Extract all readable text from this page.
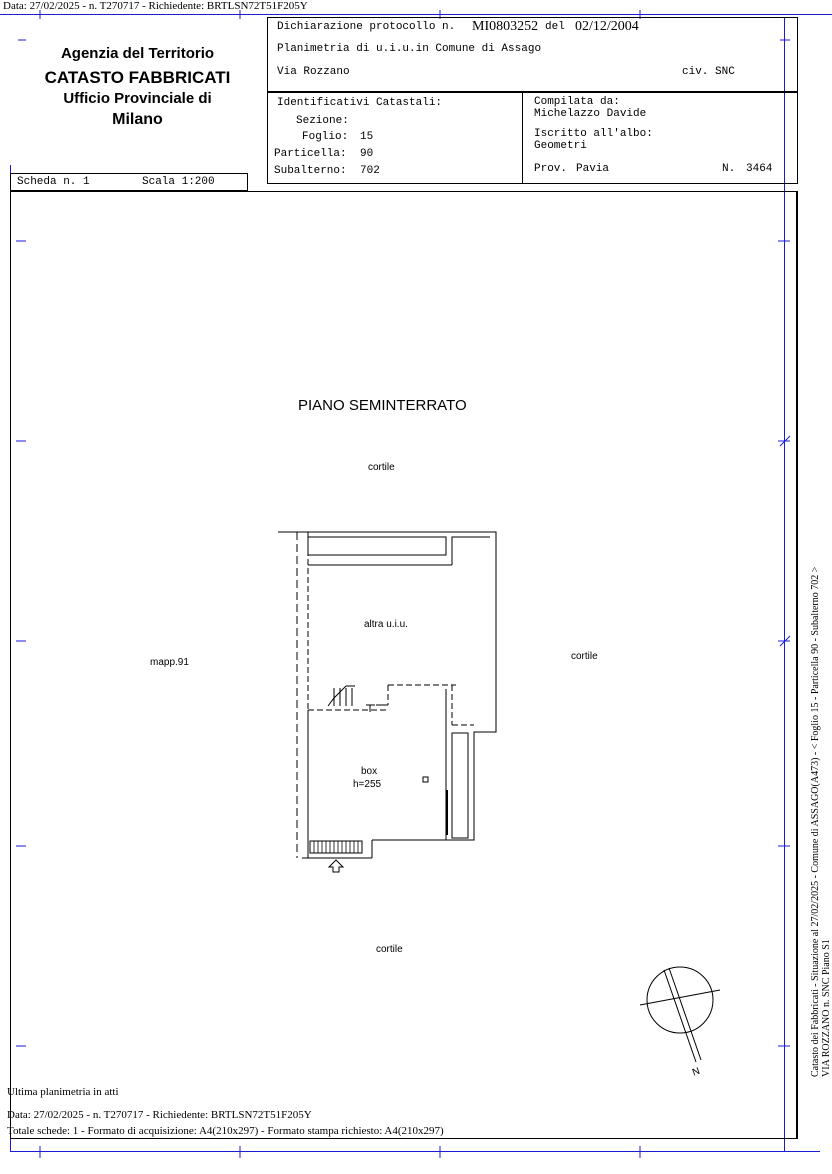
Data: 27/02/2025 - n. T270717 - Richiedente: BRTLSN72T51F205Y
Agenzia del Territorio
CATASTO FABBRICATI
Ufficio Provinciale di
Milano
Dichiarazione protocollo n. MI0803252 del 02/12/2004
Planimetria di u.i.u.in Comune di Assago
Via Rozzano	civ. SNC
Identificativi Catastali:
Sezione:
Foglio: 15
Particella: 90
Subalterno: 702
Compilata da:
Michelazzo Davide
Iscritto all'albo:
Geometri
Prov. Pavia	N. 3464
Scheda n. 1	Scala 1:200
PIANO SEMINTERRATO
cortile
cortile
cortile
mapp.91
altra u.i.u.
box
h=255
N	Catasto dei Fabbricati - Situazione al 27/02/2025 - Comune di ASSAGO(A473) - < Foglio 15 - Particella 90 - Subalterno 702 > VIA ROZZANO n. SNC Piano S1
Ultima planimetria in atti
Data: 27/02/2025 - n. T270717 - Richiedente: BRTLSN72T51F205Y
Totale schede: 1 - Formato di acquisizione: A4(210x297) - Formato stampa richiesto: A4(210x297)
